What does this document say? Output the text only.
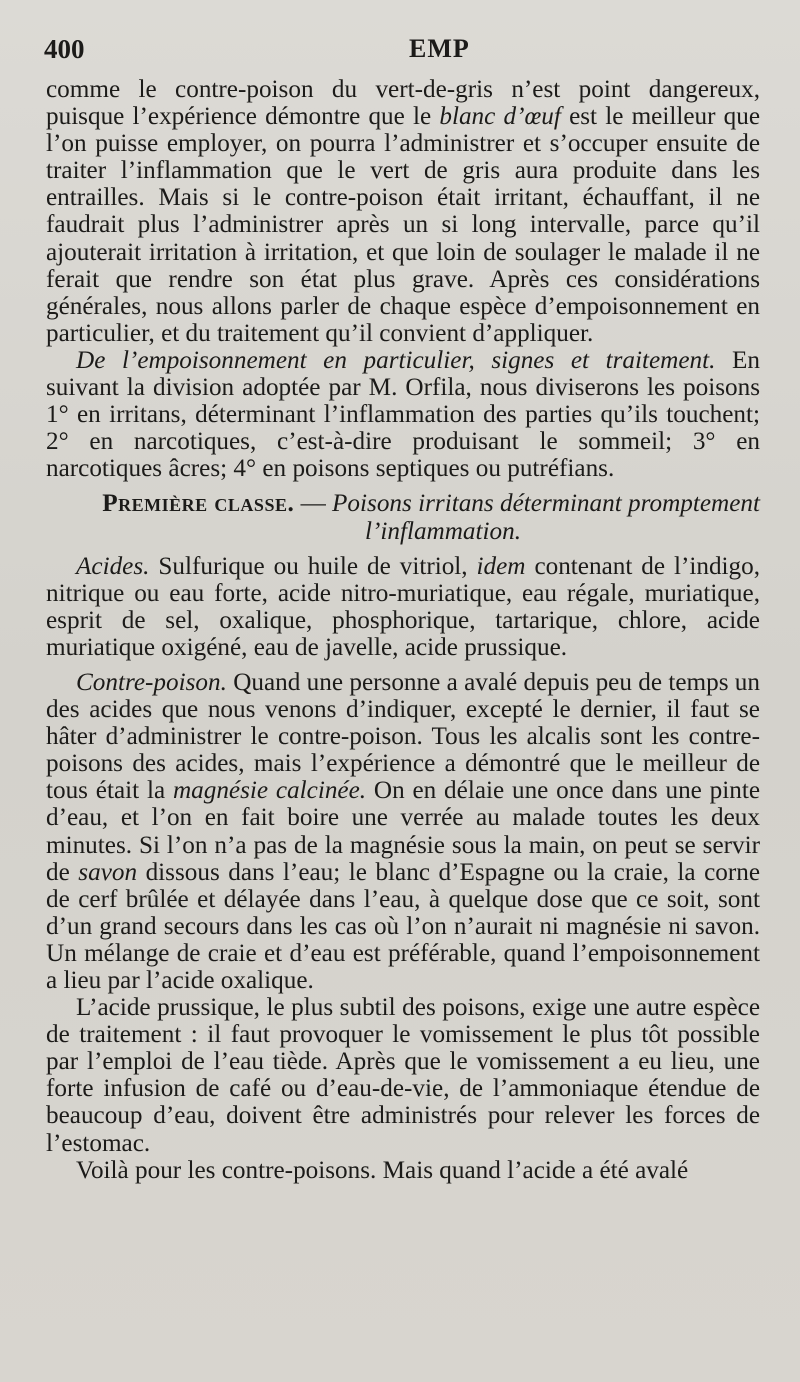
400	EMP

comme le contre-poison du vert-de-gris n’est point dangereux, puisque l’expérience démontre que le blanc d’œuf est le meilleur que l’on puisse employer, on pourra l’administrer et s’occuper ensuite de traiter l’inflammation que le vert de gris aura produite dans les entrailles. Mais si le contre-poison était irritant, échauffant, il ne faudrait plus l’administrer après un si long intervalle, parce qu’il ajouterait irritation à irritation, et que loin de soulager le malade il ne ferait que rendre son état plus grave. Après ces considérations générales, nous allons parler de chaque espèce d’empoisonnement en particulier, et du traitement qu’il convient d’appliquer.

De l’empoisonnement en particulier, signes et traitement. En suivant la division adoptée par M. Orfila, nous diviserons les poisons 1° en irritans, déterminant l’inflammation des parties qu’ils touchent; 2° en narcotiques, c’est-à-dire produisant le sommeil; 3° en narcotiques âcres; 4° en poisons septiques ou putréfians.

Première classe. — Poisons irritans déterminant promptement

l’inflammation.

Acides. Sulfurique ou huile de vitriol, idem contenant de l’indigo, nitrique ou eau forte, acide nitro-muriatique, eau régale, muriatique, esprit de sel, oxalique, phosphorique, tartarique, chlore, acide muriatique oxigéné, eau de javelle, acide prussique.

Contre-poison. Quand une personne a avalé depuis peu de temps un des acides que nous venons d’indiquer, excepté le dernier, il faut se hâter d’administrer le contre-poison. Tous les alcalis sont les contre-poisons des acides, mais l’expérience a démontré que le meilleur de tous était la magnésie calcinée. On en délaie une once dans une pinte d’eau, et l’on en fait boire une verrée au malade toutes les deux minutes. Si l’on n’a pas de la magnésie sous la main, on peut se servir de savon dissous dans l’eau; le blanc d’Espagne ou la craie, la corne de cerf brûlée et délayée dans l’eau, à quelque dose que ce soit, sont d’un grand secours dans les cas où l’on n’aurait ni magnésie ni savon. Un mélange de craie et d’eau est préférable, quand l’empoisonnement a lieu par l’acide oxalique.

L’acide prussique, le plus subtil des poisons, exige une autre espèce de traitement : il faut provoquer le vomissement le plus tôt possible par l’emploi de l’eau tiède. Après que le vomissement a eu lieu, une forte infusion de café ou d’eau-de-vie, de l’ammoniaque étendue de beaucoup d’eau, doivent être administrés pour relever les forces de l’estomac.

Voilà pour les contre-poisons. Mais quand l’acide a été avalé
